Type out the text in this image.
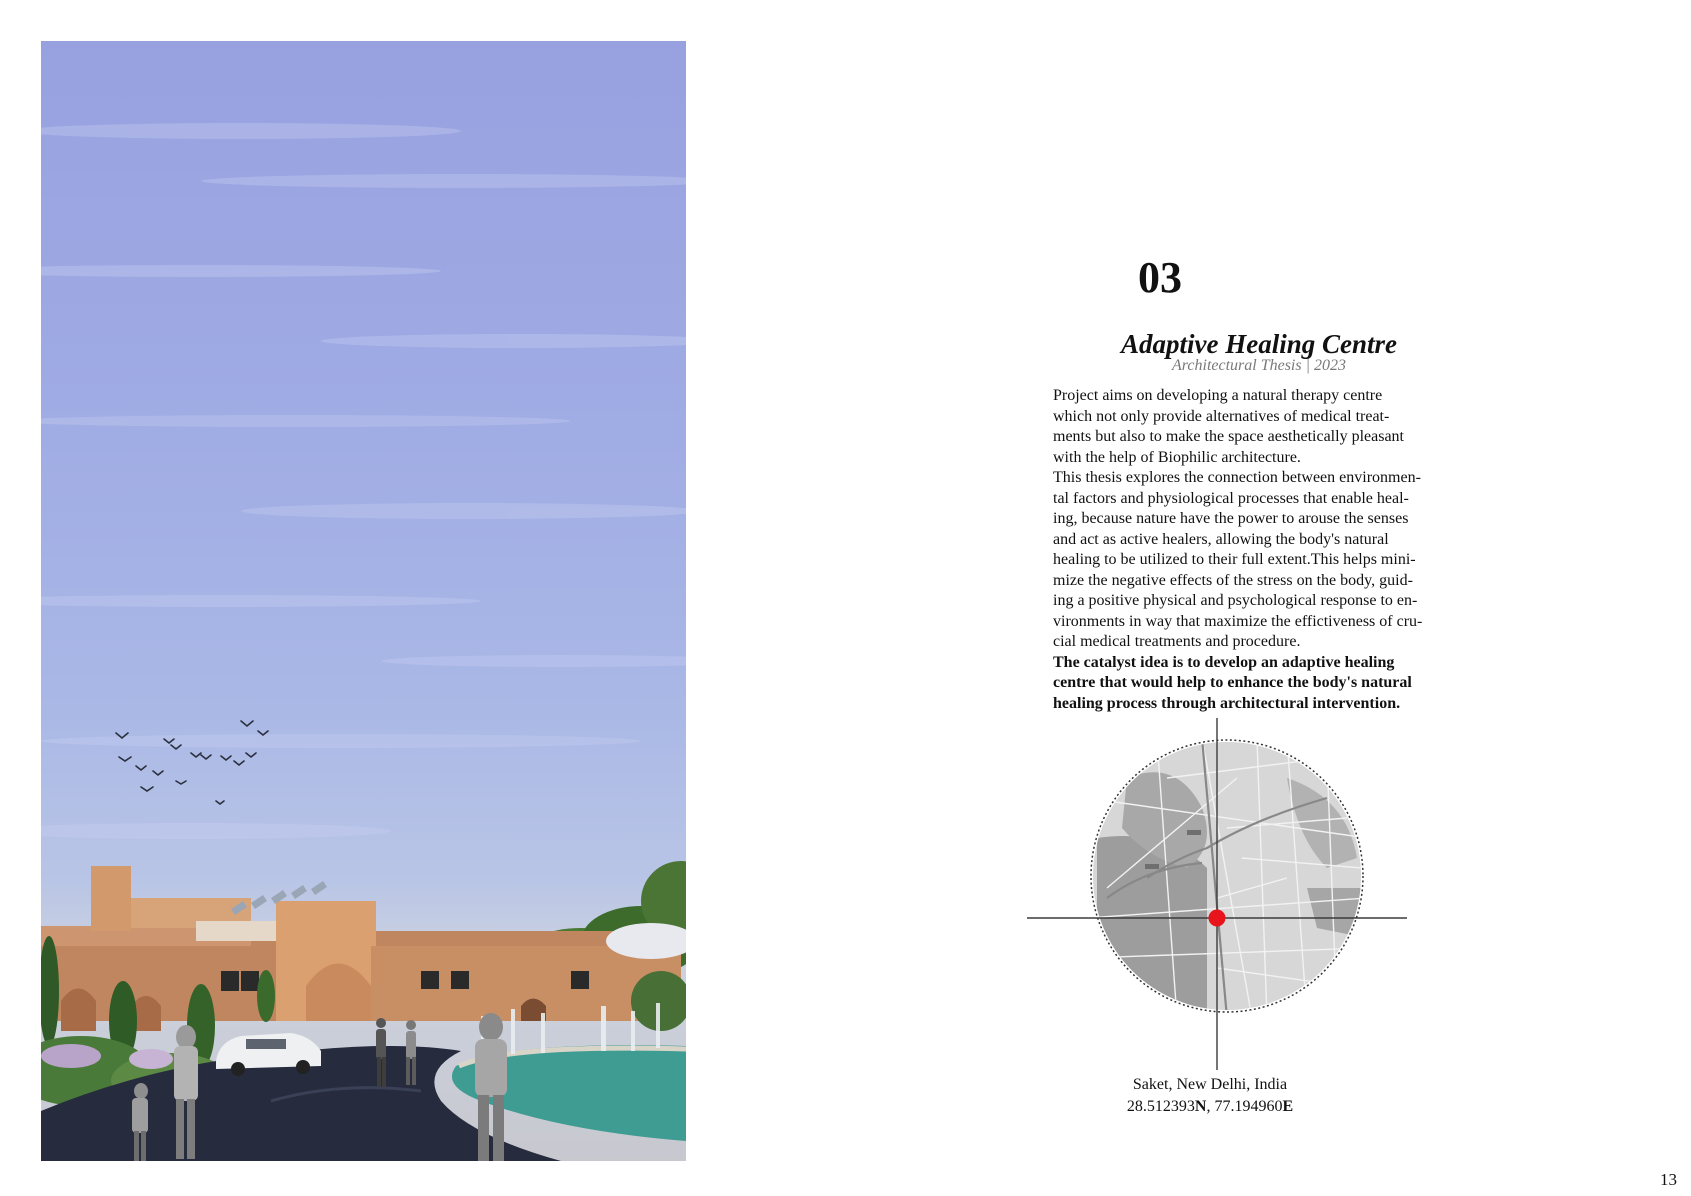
03
Adaptive Healing Centre
Architectural Thesis | 2023

Project aims on developing a natural therapy centre

which not only provide alternatives of medical treat-

ments but also to make the space aesthetically pleasant

with the help of Biophilic architecture.

This thesis explores the connection between environmen-

tal factors and physiological processes that enable heal-

ing, because nature have the power to arouse the senses

and act as active healers, allowing the body's natural

healing to be utilized to their full extent.This helps mini-

mize the negative effects of the stress on the body, guid-

ing a positive physical and psychological response to en-

vironments in way that maximize the effictiveness of cru-

cial medical treatments and procedure.

The catalyst idea is to develop an adaptive healing

centre that would help to enhance the body's natural

healing process through architectural intervention.

Saket, New Delhi, India
28.512393N, 77.194960E
13
